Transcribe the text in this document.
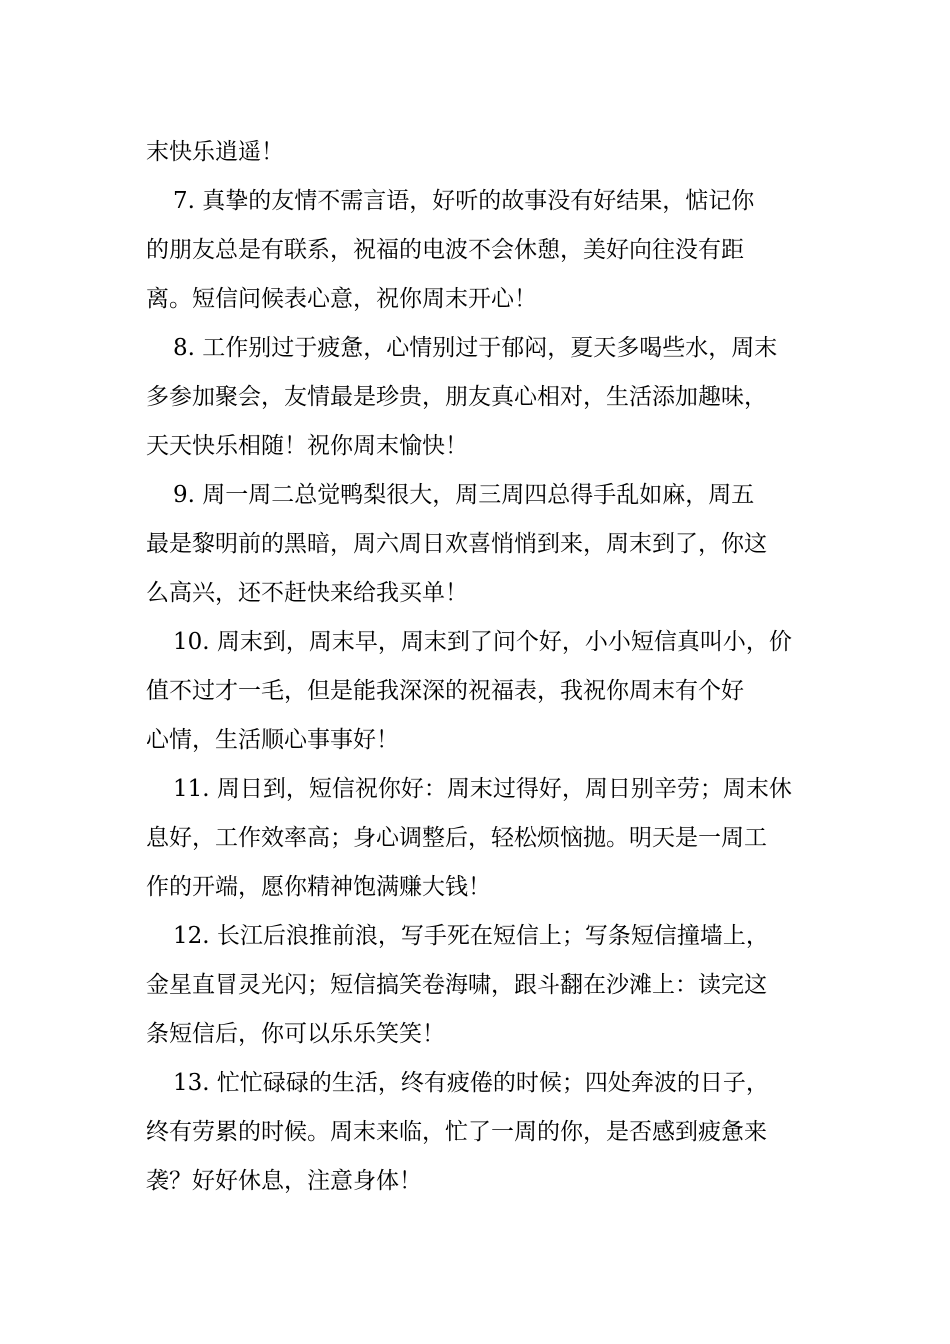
末快乐逍遥！
7. 真挚的友情不需言语，好听的故事没有好结果，惦记你
的朋友总是有联系，祝福的电波不会休憩，美好向往没有距
离。短信问候表心意，祝你周末开心！
8. 工作别过于疲惫，心情别过于郁闷，夏天多喝些水，周末
多参加聚会，友情最是珍贵，朋友真心相对，生活添加趣味，
天天快乐相随！祝你周末愉快！
9. 周一周二总觉鸭梨很大，周三周四总得手乱如麻，周五
最是黎明前的黑暗，周六周日欢喜悄悄到来，周末到了，你这
么高兴，还不赶快来给我买单！
10. 周末到，周末早，周末到了问个好，小小短信真叫小，价
值不过才一毛，但是能我深深的祝福表，我祝你周末有个好
心情，生活顺心事事好！
11. 周日到，短信祝你好：周末过得好，周日别辛劳；周末休
息好，工作效率高；身心调整后，轻松烦恼抛。明天是一周工
作的开端，愿你精神饱满赚大钱！
12. 长江后浪推前浪，写手死在短信上；写条短信撞墙上，
金星直冒灵光闪；短信搞笑卷海啸，跟斗翻在沙滩上：读完这
条短信后，你可以乐乐笑笑！
13. 忙忙碌碌的生活，终有疲倦的时候；四处奔波的日子，
终有劳累的时候。周末来临，忙了一周的你，是否感到疲惫来
袭？好好休息，注意身体！
